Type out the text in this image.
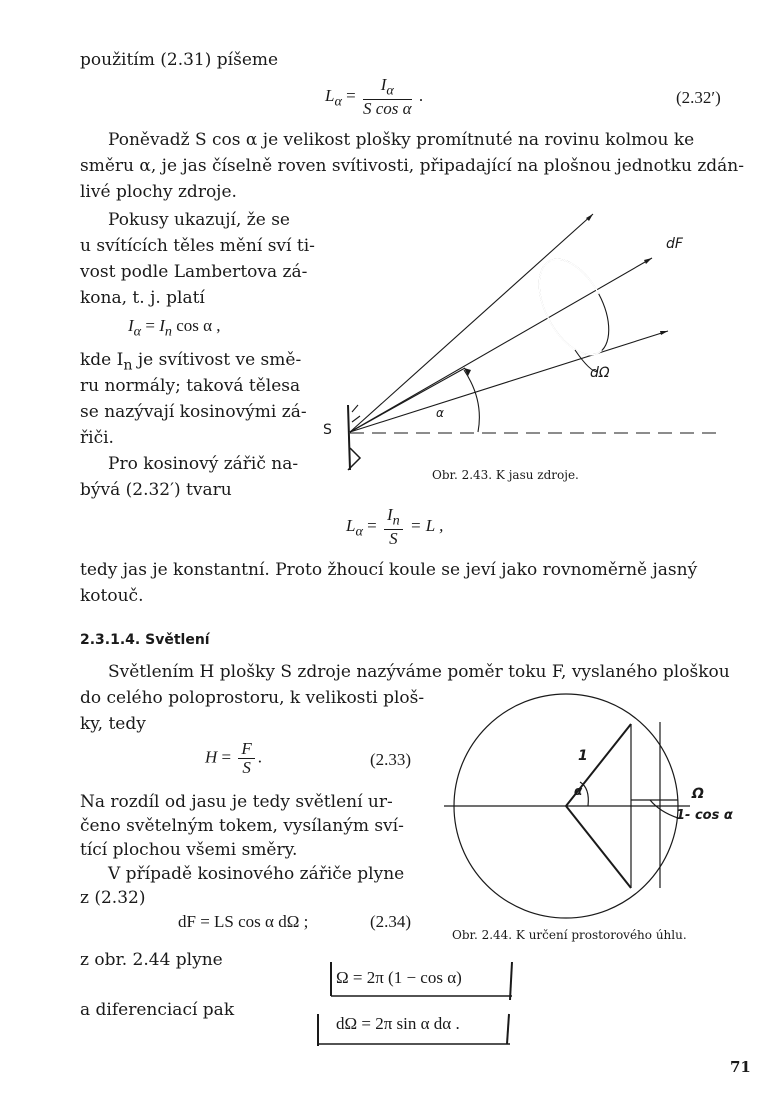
použitím (2.31) píšeme
$L_\alpha = \frac{I_\alpha}{\text{S cos α}}$ .	(2.32′)
Poněvadž S cos α je velikost plošky promítnuté na rovinu kolmou ke
směru α, je jas číselně roven svítivosti, připadající na plošnou jednotku zdán-
livé plochy zdroje.
Pokusy ukazují, že se
u svítících těles mění sví ti-
vost podle Lambertova zá-
kona, t. j. platí
$I_\alpha = I_n$ cos α ,
kde $I_n$ je svítivost ve smě-
ru normály; taková tělesa
se nazývají kosinovými zá-
řiči.
Pro kosinový zářič na-
bývá (2.32′) tvaru
dF
dΩ
α
S
Obr. 2.43. K jasu zdroje.
$L_\alpha = \frac{I_n}{S} = L$ ,
tedy jas je konstantní. Proto žhoucí koule se jeví jako rovnoměrně jasný
kotouč.
2.3.1.4. Světlení
Světlením H plošky S zdroje nazýváme poměr toku F, vyslaného ploškou
do celého poloprostoru, k velikosti ploš-
ky, tedy
$H = \frac{F}{S}$ .	(2.33)
Na rozdíl od jasu je tedy světlení ur-
čeno světelným tokem, vysílaným sví-
tící plochou všemi směry.
V případě kosinového zářiče plyne
z (2.32)
dF = LS cos α dΩ ;	(2.34)
z obr. 2.44 plyne
Ω = 2π (1 − cos α)
a diferenciací pak
dΩ = 2π sin α dα .
1
α	Ω
1- cos α
Obr. 2.44. K určení prostorového úhlu.
71
